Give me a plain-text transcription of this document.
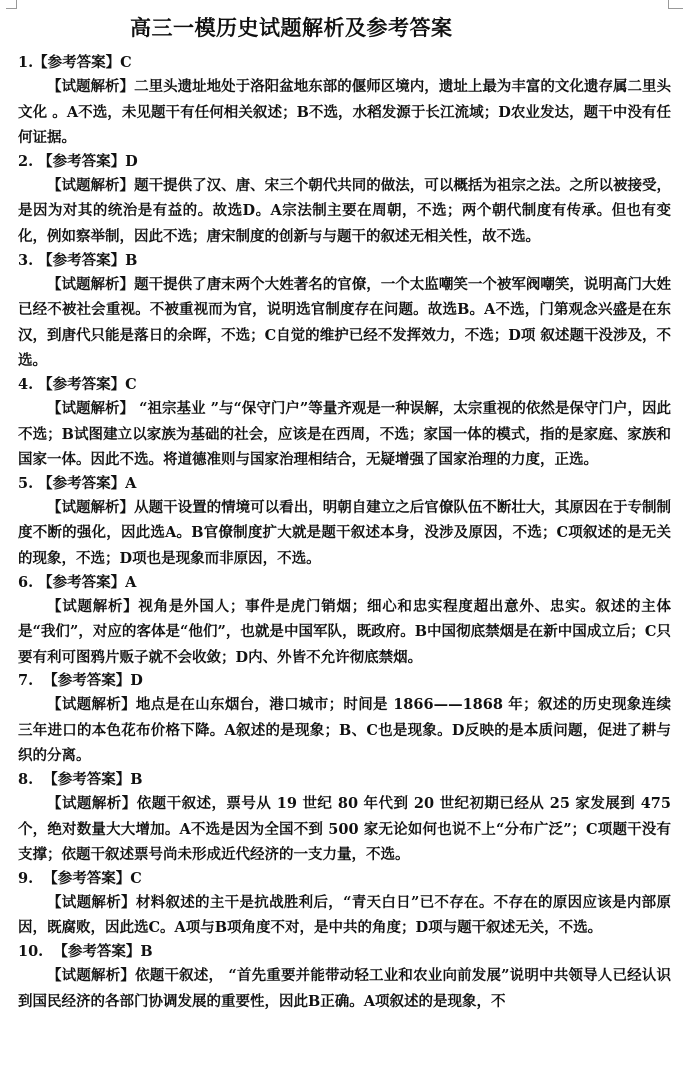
高三一模历史试题解析及参考答案

1.【参考答案】C

【试题解析】二里头遗址地处于洛阳盆地东部的偃师区境内，遗址上最为丰富的文化遗存属二里头文化 。A不选，未见题干有任何相关叙述；B不选，水稻发源于长江流域；D农业发达，题干中没有任何证据。

2. 【参考答案】D

【试题解析】题干提供了汉、唐、宋三个朝代共同的做法，可以概括为祖宗之法。之所以被接受，是因为对其的统治是有益的。故选D。A宗法制主要在周朝，不选；两个朝代制度有传承。但也有变化，例如察举制，因此不选；唐宋制度的创新与与题干的叙述无相关性，故不选。

3. 【参考答案】B

【试题解析】题干提供了唐末两个大姓著名的官僚，一个太监嘲笑一个被军阀嘲笑，说明高门大姓已经不被社会重视。不被重视而为官，说明选官制度存在问题。故选B。A不选，门第观念兴盛是在东汉，到唐代只能是落日的余晖，不选；C自觉的维护已经不发挥效力，不选；D项 叙述题干没涉及，不选。

4. 【参考答案】C

【试题解析】 “祖宗基业 ”与“保守门户”等量齐观是一种误解，太宗重视的依然是保守门户，因此不选；B试图建立以家族为基础的社会，应该是在西周，不选；家国一体的模式，指的是家庭、家族和国家一体。因此不选。将道德准则与国家治理相结合，无疑增强了国家治理的力度，正选。

5. 【参考答案】A

【试题解析】从题干设置的情境可以看出，明朝自建立之后官僚队伍不断壮大，其原因在于专制制度不断的强化，因此选A。B官僚制度扩大就是题干叙述本身，没涉及原因，不选；C项叙述的是无关的现象，不选；D项也是现象而非原因，不选。

6. 【参考答案】A

【试题解析】视角是外国人；事件是虎门销烟；细心和忠实程度超出意外、忠实。叙述的主体是“我们”，对应的客体是“他们”，也就是中国军队，既政府。B中国彻底禁烟是在新中国成立后；C只要有利可图鸦片贩子就不会收敛；D内、外皆不允许彻底禁烟。

7.  【参考答案】D

【试题解析】地点是在山东烟台，港口城市；时间是 1866——1868 年；叙述的历史现象连续三年进口的本色花布价格下降。A叙述的是现象；B、C也是现象。D反映的是本质问题，促进了耕与织的分离。

8.  【参考答案】B

【试题解析】依题干叙述，票号从 19 世纪 80 年代到 20 世纪初期已经从 25 家发展到 475个，绝对数量大大增加。A不选是因为全国不到 500 家无论如何也说不上“分布广泛”；C项题干没有支撑；依题干叙述票号尚未形成近代经济的一支力量，不选。

9.  【参考答案】C

【试题解析】材料叙述的主干是抗战胜利后，“青天白日”已不存在。不存在的原因应该是内部原因，既腐败，因此选C。A项与B项角度不对，是中共的角度；D项与题干叙述无关，不选。

10.  【参考答案】B

【试题解析】依题干叙述， “首先重要并能带动轻工业和农业向前发展”说明中共领导人已经认识到国民经济的各部门协调发展的重要性，因此B正确。A项叙述的是现象，不
